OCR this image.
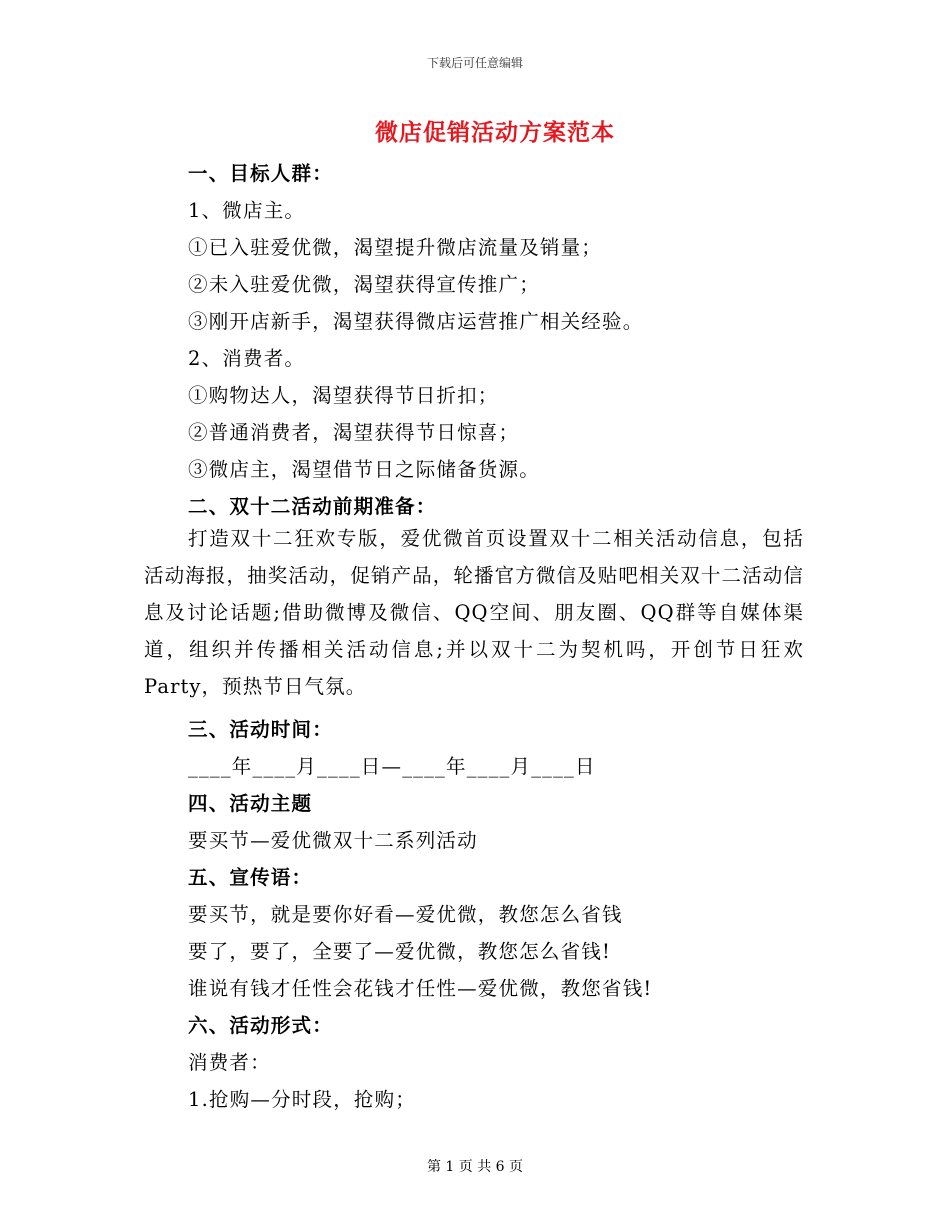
下载后可任意编辑
微店促销活动方案范本
一、目标人群：
1、微店主。
①已入驻爱优微，渴望提升微店流量及销量；
②未入驻爱优微，渴望获得宣传推广；
③刚开店新手，渴望获得微店运营推广相关经验。
2、消费者。
①购物达人，渴望获得节日折扣；
②普通消费者，渴望获得节日惊喜；
③微店主，渴望借节日之际储备货源。
二、双十二活动前期准备：
打造双十二狂欢专版，爱优微首页设置双十二相关活动信息，包括活动海报，抽奖活动，促销产品，轮播官方微信及贴吧相关双十二活动信息及讨论话题;借助微博及微信、QQ空间、朋友圈、QQ群等自媒体渠道，组织并传播相关活动信息;并以双十二为契机吗，开创节日狂欢Party，预热节日气氛。
三、活动时间：
____年____月____日—____年____月____日
四、活动主题
要买节—爱优微双十二系列活动
五、宣传语：
要买节，就是要你好看—爱优微，教您怎么省钱
要了，要了，全要了—爱优微，教您怎么省钱!
谁说有钱才任性会花钱才任性—爱优微，教您省钱!
六、活动形式：
消费者：
1.抢购—分时段，抢购；
第 1 页 共 6 页
